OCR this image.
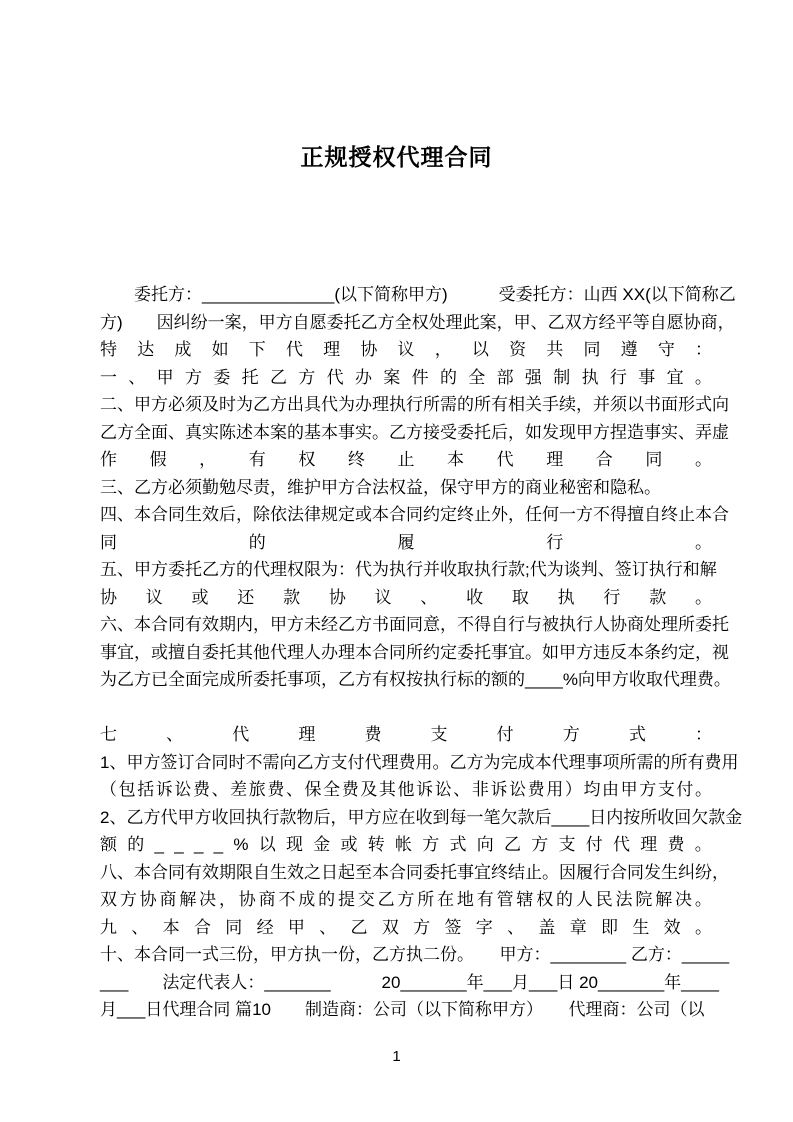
正规授权代理合同
　　委托方：______________(以下简称甲方)　　　受委托方：山西 XX(以下简称乙
方)　　因纠纷一案，甲方自愿委托乙方全权处理此案，甲、乙双方经平等自愿协商，
特 达 成 如 下 代 理 协 议 ， 以 资 共 同 遵 守 ：
一 、 甲 方 委 托 乙 方 代 办 案 件 的 全 部 强 制 执 行 事 宜 。
二、甲方必须及时为乙方出具代为办理执行所需的所有相关手续，并须以书面形式向
乙方全面、真实陈述本案的基本事实。乙方接受委托后，如发现甲方捏造事实、弄虚
作 假 ， 有 权 终 止 本 代 理 合 同 。
三、乙方必须勤勉尽责，维护甲方合法权益，保守甲方的商业秘密和隐私。
四、本合同生效后，除依法律规定或本合同约定终止外，任何一方不得擅自终止本合
同	的	履	行	。
五、甲方委托乙方的代理权限为：代为执行并收取执行款;代为谈判、签订执行和解
协 议 或 还 款 协 议 、 收 取 执 行 款 。
六、本合同有效期内，甲方未经乙方书面同意，不得自行与被执行人协商处理所委托
事宜，或擅自委托其他代理人办理本合同所约定委托事宜。如甲方违反本条约定，视
为乙方已全面完成所委托事项，乙方有权按执行标的额的____%向甲方收取代理费。
七	、	代	理	费	支	付	方	式	：
1、甲方签订合同时不需向乙方支付代理费用。乙方为完成本代理事项所需的所有费用
（ 包 括 诉 讼 费 、 差 旅 费 、 保 全 费 及 其 他 诉 讼 、 非 诉 讼 费 用 ） 均 由 甲 方 支 付 。
2、乙方代甲方收回执行款物后，甲方应在收到每一笔欠款后____日内按所收回欠款金
额 的 _ _ _ _ % 以 现 金 或 转 帐 方 式 向 乙 方 支 付 代 理 费 。
八、本合同有效期限自生效之日起至本合同委托事宜终结止。因履行合同发生纠纷，
双 方 协 商 解 决 ， 协 商 不 成 的 提 交 乙 方 所 在 地 有 管 辖 权 的 人 民 法 院 解 决 。
九 、 本 合 同 经 甲 、 乙 双 方 签 字 、 盖 章 即 生 效 。
十、本合同一式三份，甲方执一份，乙方执二份。　　甲方：________ 乙方：_____
___　　法定代表人：_______　　　20_______年___月___日 20_______年____
月___日代理合同 篇10　　制造商：公司（以下简称甲方）　　代理商：公司（以
1
